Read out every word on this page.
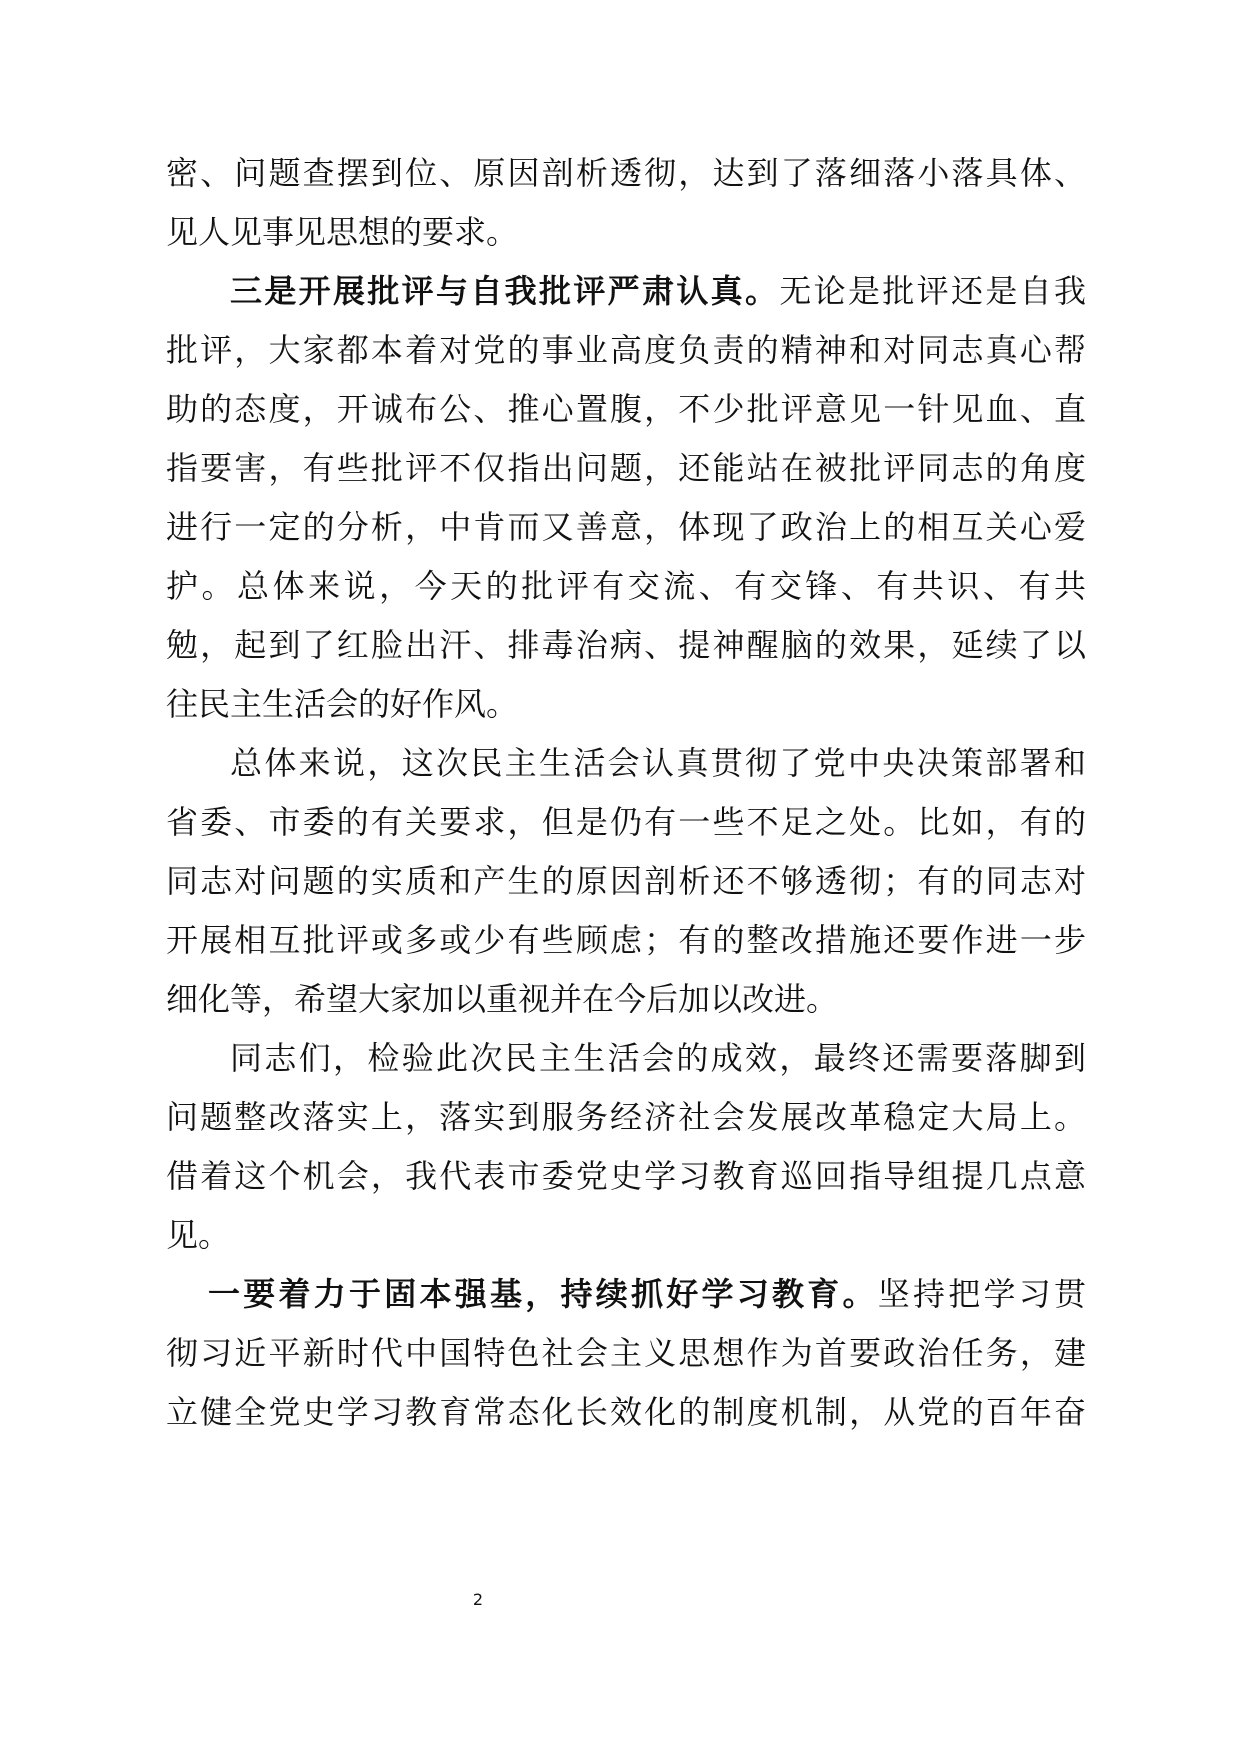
密、问题查摆到位、原因剖析透彻，达到了落细落小落具体、
见人见事见思想的要求。
三是开展批评与自我批评严肃认真。无论是批评还是自我
批评，大家都本着对党的事业高度负责的精神和对同志真心帮
助的态度，开诚布公、推心置腹，不少批评意见一针见血、直
指要害，有些批评不仅指出问题，还能站在被批评同志的角度
进行一定的分析，中肯而又善意，体现了政治上的相互关心爱
护。总体来说，今天的批评有交流、有交锋、有共识、有共
勉，起到了红脸出汗、排毒治病、提神醒脑的效果，延续了以
往民主生活会的好作风。
总体来说，这次民主生活会认真贯彻了党中央决策部署和
省委、市委的有关要求，但是仍有一些不足之处。比如，有的
同志对问题的实质和产生的原因剖析还不够透彻；有的同志对
开展相互批评或多或少有些顾虑；有的整改措施还要作进一步
细化等，希望大家加以重视并在今后加以改进。
同志们，检验此次民主生活会的成效，最终还需要落脚到
问题整改落实上，落实到服务经济社会发展改革稳定大局上。
借着这个机会，我代表市委党史学习教育巡回指导组提几点意
见。
一要着力于固本强基，持续抓好学习教育。坚持把学习贯
彻习近平新时代中国特色社会主义思想作为首要政治任务，建
立健全党史学习教育常态化长效化的制度机制，从党的百年奋
2
